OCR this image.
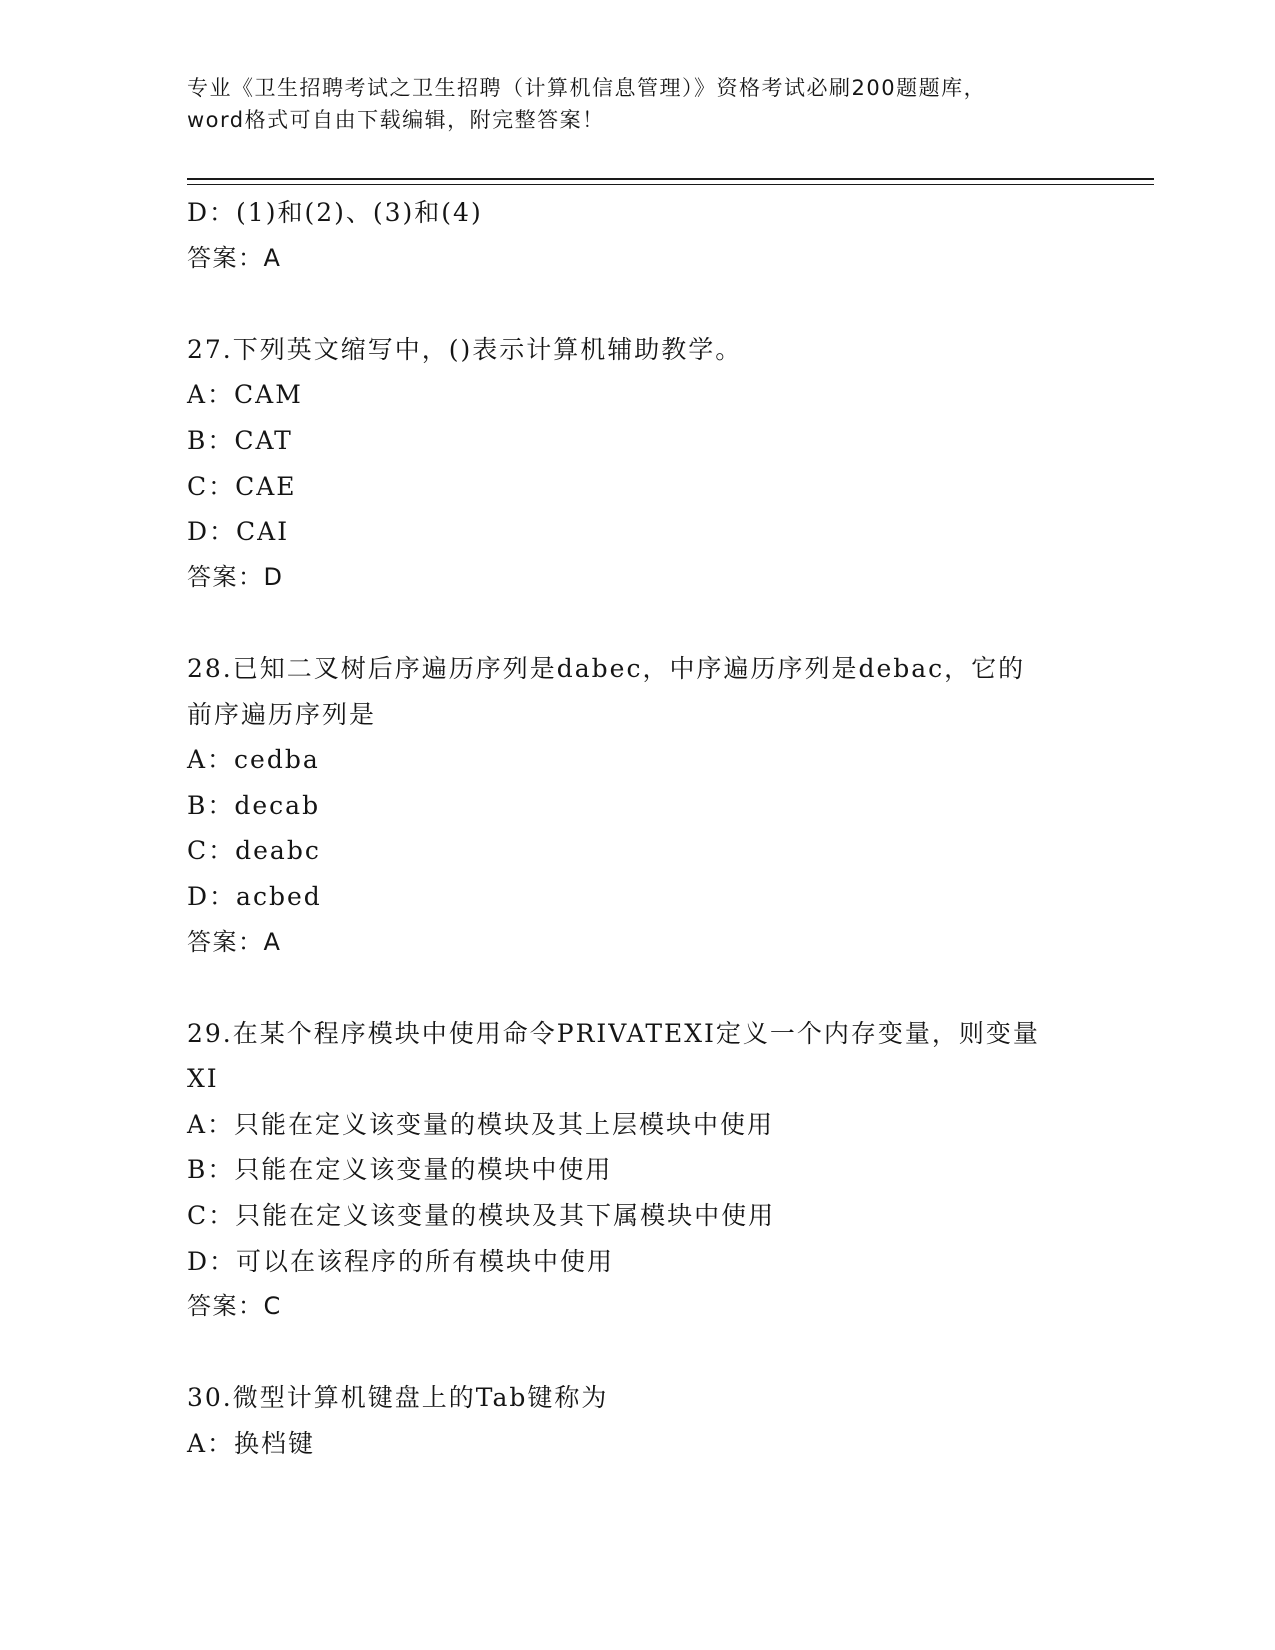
专业《卫生招聘考试之卫生招聘（计算机信息管理）》资格考试必刷200题题库，
word格式可自由下载编辑，附完整答案！
D：(1)和(2)、(3)和(4)
答案：A
27.下列英文缩写中，()表示计算机辅助教学。
A：CAM
B：CAT
C：CAE
D：CAI
答案：D
28.已知二叉树后序遍历序列是dabec，中序遍历序列是debac，它的
前序遍历序列是
A：cedba
B：decab
C：deabc
D：acbed
答案：A
29.在某个程序模块中使用命令PRIVATEXI定义一个内存变量，则变量
XI
A：只能在定义该变量的模块及其上层模块中使用
B：只能在定义该变量的模块中使用
C：只能在定义该变量的模块及其下属模块中使用
D：可以在该程序的所有模块中使用
答案：C
30.微型计算机键盘上的Tab键称为
A：换档键
